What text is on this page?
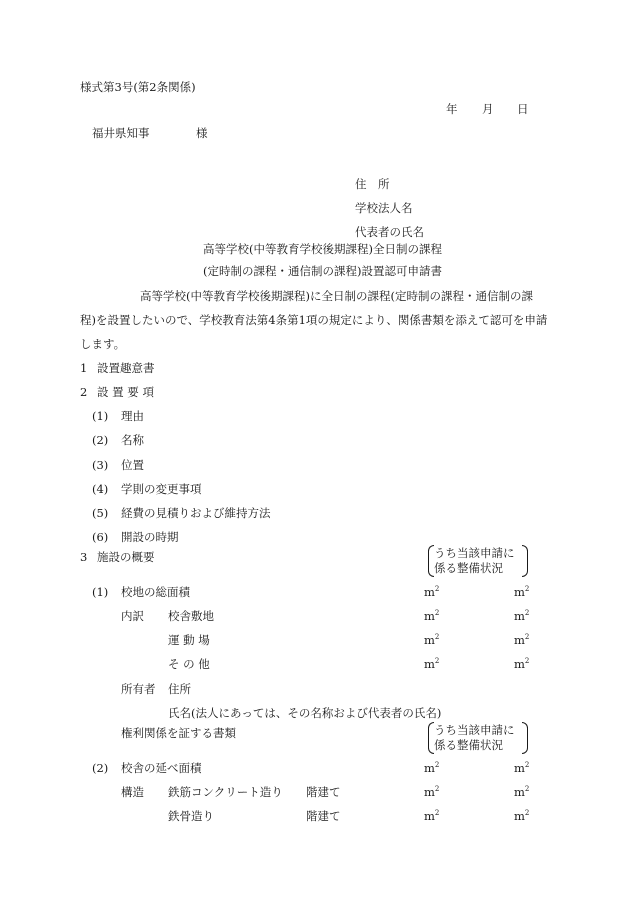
様式第3号(第2条関係)
年 月 日
福井県知事	様
住　所
学校法人名
代表者の氏名
高等学校(中等教育学校後期課程)全日制の課程
(定時制の課程・通信制の課程)設置認可申請書
高等学校(中等教育学校後期課程)に全日制の課程(定時制の課程・通信制の課
程)を設置したいので、学校教育法第4条第1項の規定により、関係書類を添えて認可を申請
します。
1 設置趣意書
2 設 置 要 項
(1) 理由
(2) 名称
(3) 位置
(4) 学則の変更事項
(5) 経費の見積りおよび維持方法
(6) 開設の時期
3 施設の概要	うち当該申請に
係る整備状況
(1) 校地の総面積	$m^2$	$m^2$
内訳 校舎敷地	$m^2$	$m^2$
運 動 場	$m^2$	$m^2$
そ の 他	$m^2$	$m^2$
所有者 住所
氏名(法人にあっては、その名称および代表者の氏名)
権利関係を証する書類	うち当該申請に
係る整備状況
(2) 校舎の延べ面積	$m^2$	$m^2$
構造 鉄筋コンクリート造り 階建て	$m^2$	$m^2$
鉄骨造り	階建て	$m^2$	$m^2$
